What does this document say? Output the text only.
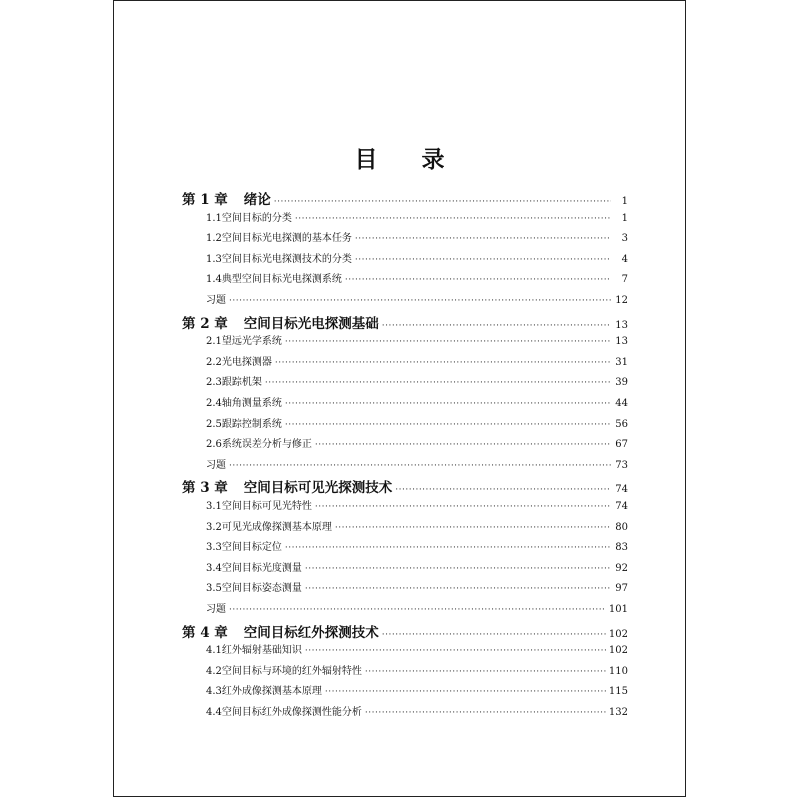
目 录
第 1 章 绪论 ·····	1
1.1 空间目标的分类 ·····	1
1.2 空间目标光电探测的基本任务 ·····	3
1.3 空间目标光电探测技术的分类 ·····	4
1.4 典型空间目标光电探测系统 ·····	7
习题 ·····	12
第 2 章 空间目标光电探测基础 ·····	13
2.1 望远光学系统 ·····	13
2.2 光电探测器 ·····	31
2.3 跟踪机架 ·····	39
2.4 轴角测量系统 ·····	44
2.5 跟踪控制系统 ·····	56
2.6 系统误差分析与修正 ·····	67
习题 ·····	73
第 3 章 空间目标可见光探测技术 ·····	74
3.1 空间目标可见光特性 ·····	74
3.2 可见光成像探测基本原理 ·····	80
3.3 空间目标定位 ·····	83
3.4 空间目标光度测量 ·····	92
3.5 空间目标姿态测量 ·····	97
习题 ·····	101
第 4 章 空间目标红外探测技术 ·····	102
4.1 红外辐射基础知识 ·····	102
4.2 空间目标与环境的红外辐射特性 ·····	110
4.3 红外成像探测基本原理 ·····	115
4.4 空间目标红外成像探测性能分析 ·····	132
